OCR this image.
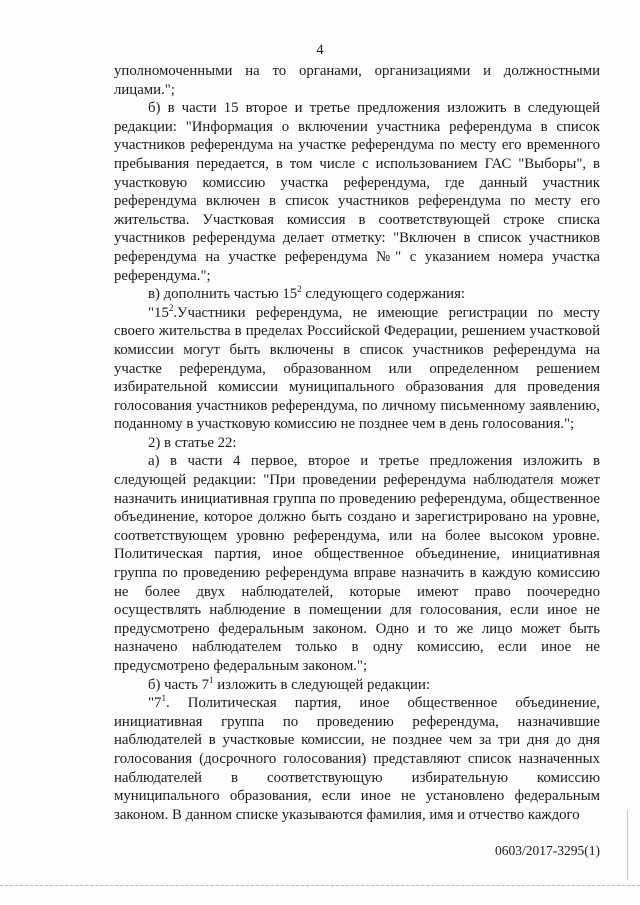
4

уполномоченными на то органами, организациями и должностными лицами.";

б) в части 15 второе и третье предложения изложить в следующей редакции: "Информация о включении участника референдума в список участников референдума на участке референдума по месту его временного пребывания передается, в том числе с использованием ГАС "Выборы", в участковую комиссию участка референдума, где данный участник референдума включен в список участников референдума по месту его жительства. Участковая комиссия в соответствующей строке списка участников референдума делает отметку: "Включен в список участников референдума на участке референдума №" с указанием номера участка референдума.";

в) дополнить частью $15^2$ следующего содержания:

"$15^2.Участники$ референдума, не имеющие регистрации по месту своего жительства в пределах Российской Федерации, решением участковой комиссии могут быть включены в список участников референдума на участке референдума, образованном или определенном решением избирательной комиссии муниципального образования для проведения голосования участников референдума, по личному письменному заявлению, поданному в участковую комиссию не позднее чем в день голосования.";

2) в статье 22:

а) в части 4 первое, второе и третье предложения изложить в следующей редакции: "При проведении референдума наблюдателя может назначить инициативная группа по проведению референдума, общественное объединение, которое должно быть создано и зарегистрировано на уровне, соответствующем уровню референдума, или на более высоком уровне. Политическая партия, иное общественное объединение, инициативная группа по проведению референдума вправе назначить в каждую комиссию не более двух наблюдателей, которые имеют право поочередно осуществлять наблюдение в помещении для голосования, если иное не предусмотрено федеральным законом. Одно и то же лицо может быть назначено наблюдателем только в одну комиссию, если иное не предусмотрено федеральным законом.";

б) часть $7^1$ изложить в следующей редакции:

"$7^1$. Политическая партия, иное общественное объединение, инициативная группа по проведению референдума, назначившие наблюдателей в участковые комиссии, не позднее чем за три дня до дня голосования (досрочного голосования) представляют список назначенных наблюдателей в соответствующую избирательную комиссию муниципального образования, если иное не установлено федеральным законом. В данном списке указываются фамилия, имя и отчество каждого

0603/2017-3295(1)
